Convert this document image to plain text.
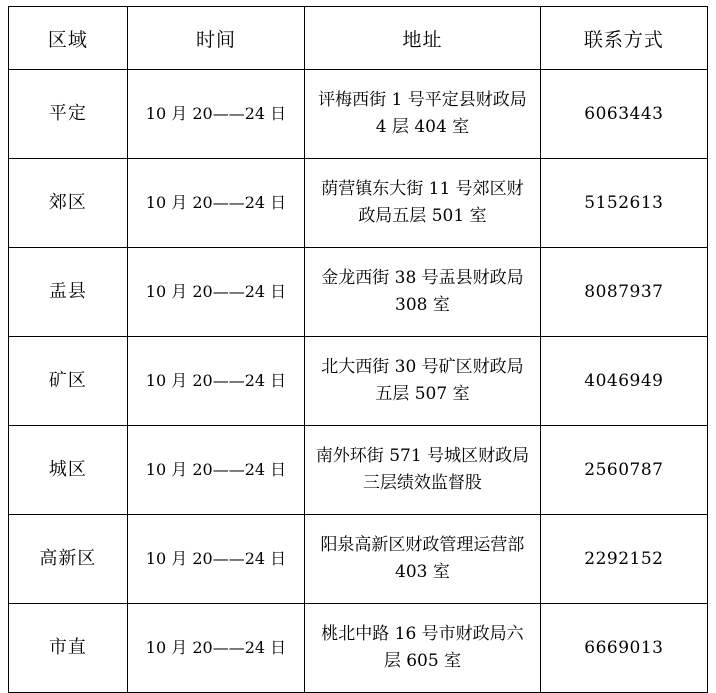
区域	时间	地址	联系方式
平定	10 月 20——24 日	评梅西街 1 号平定县财政局 4 层 404 室	6063443
郊区	10 月 20——24 日	荫营镇东大街 11 号郊区财政局五层 501 室	5152613
盂县	10 月 20——24 日	金龙西街 38 号盂县财政局 308 室	8087937
矿区	10 月 20——24 日	北大西街 30 号矿区财政局五层 507 室	4046949
城区	10 月 20——24 日	南外环街 571 号城区财政局三层绩效监督股	2560787
高新区	10 月 20——24 日	阳泉高新区财政管理运营部 403 室	2292152
市直	10 月 20——24 日	桃北中路 16 号市财政局六层 605 室	6669013
